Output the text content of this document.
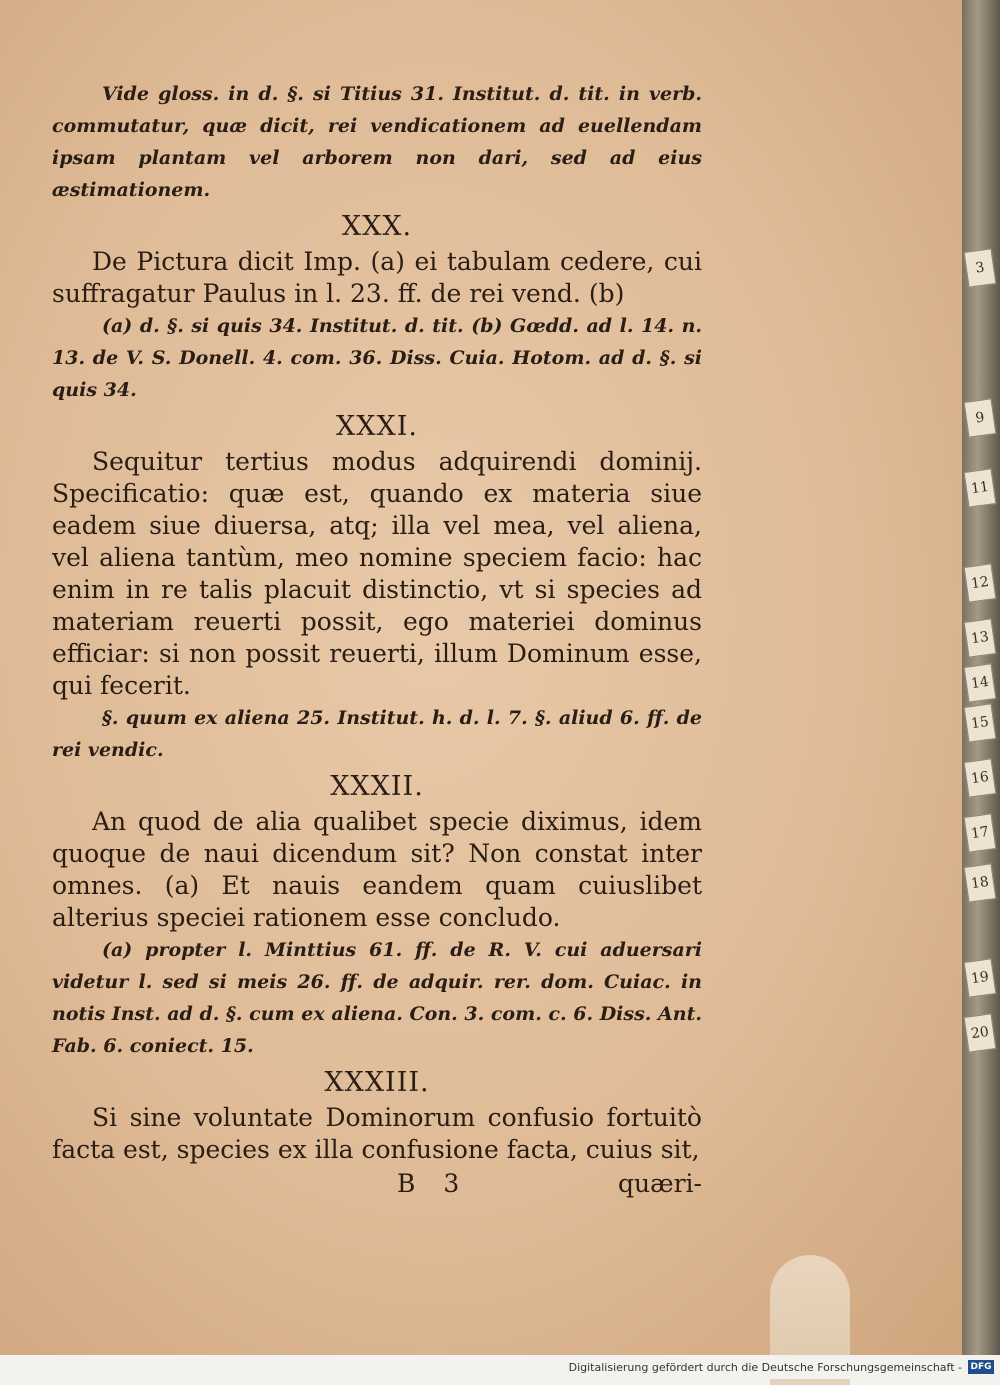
Vide gloss. in d. §. si Titius 31. Institut. d. tit. in verb. commutatur, quæ dicit, rei vendicationem ad euellendam ipsam plantam vel arborem non dari, sed ad eius æstimationem.

XXX.

De Pictura dicit Imp. (a) ei tabulam cedere, cui suffragatur Paulus in l. 23. ff. de rei vend. (b)

(a) d. §. si quis 34. Institut. d. tit. (b) Gœdd. ad l. 14. n. 13. de V. S. Donell. 4. com. 36. Diss. Cuia. Hotom. ad d. §. si quis 34.

XXXI.

Sequitur tertius modus adquirendi dominij. Specificatio: quæ est, quando ex materia siue eadem siue diuersa, atq; illa vel mea, vel aliena, vel aliena tantùm, meo nomine speciem facio: hac enim in re talis placuit distinctio, vt si species ad materiam reuerti possit, ego materiei dominus efficiar: si non possit reuerti, illum Dominum esse, qui fecerit.

§. quum ex aliena 25. Institut. h. d. l. 7. §. aliud 6. ff. de rei vendic.

XXXII.

An quod de alia qualibet specie diximus, idem quoque de naui dicendum sit? Non constat inter omnes. (a) Et nauis eandem quam cuiuslibet alterius speciei rationem esse concludo.

(a) propter l. Minttius 61. ff. de R. V. cui aduersari videtur l. sed si meis 26. ff. de adquir. rer. dom. Cuiac. in notis Inst. ad d. §. cum ex aliena. Con. 3. com. c. 6. Diss. Ant. Fab. 6. coniect. 15.

XXXIII.

Si sine voluntate Dominorum confusio fortuitò facta est, species ex illa confusione facta, cuius sit,

B 3	quæri-
3
9
11
12
13
14
15
16
17
18
19
20
Digitalisierung gefördert durch die Deutsche Forschungsgemeinschaft - DFG
